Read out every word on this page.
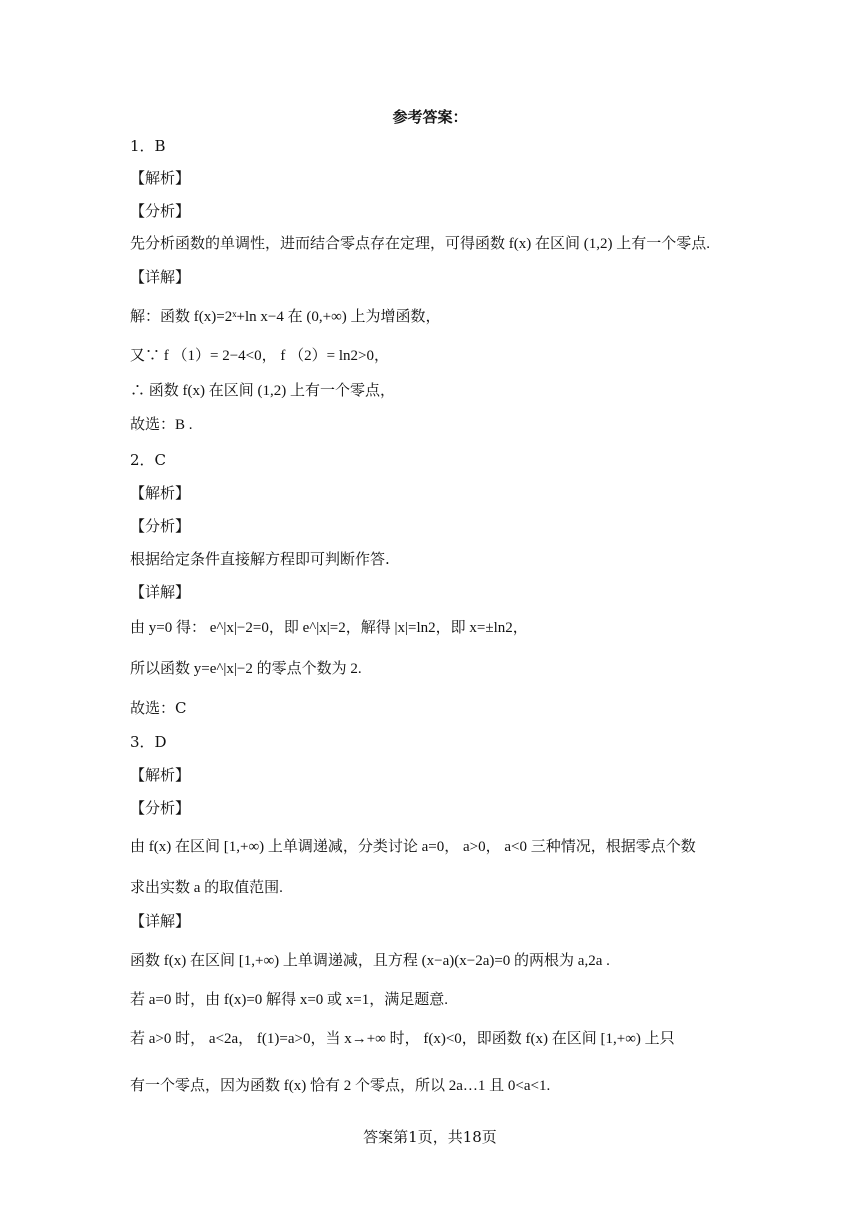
参考答案：
1．B
【解析】
【分析】
先分析函数的单调性，进而结合零点存在定理，可得函数 f(x) 在区间 (1,2) 上有一个零点.
【详解】
解：函数 f(x)=2ˣ+ln x−4 在 (0,+∞) 上为增函数，
又∵ f （1）= 2−4<0， f （2）= ln2>0，
∴ 函数 f(x) 在区间 (1,2) 上有一个零点，
故选：B .
2．C
【解析】
【分析】
根据给定条件直接解方程即可判断作答.
【详解】
由 y=0 得： e^|x|−2=0，即 e^|x|=2，解得 |x|=ln2，即 x=±ln2，
所以函数 y=e^|x|−2 的零点个数为 2.
故选：C
3．D
【解析】
【分析】
由 f(x) 在区间 [1,+∞) 上单调递减，分类讨论 a=0， a>0， a<0 三种情况，根据零点个数
求出实数 a 的取值范围.
【详解】
函数 f(x) 在区间 [1,+∞) 上单调递减，且方程 (x−a)(x−2a)=0 的两根为 a,2a .
若 a=0 时，由 f(x)=0 解得 x=0 或 x=1，满足题意.
若 a>0 时， a<2a， f(1)=a>0，当 x→+∞ 时， f(x)<0，即函数 f(x) 在区间 [1,+∞) 上只
有一个零点，因为函数 f(x) 恰有 2 个零点，所以 2a…1 且 0<a<1.
答案第1页，共18页
